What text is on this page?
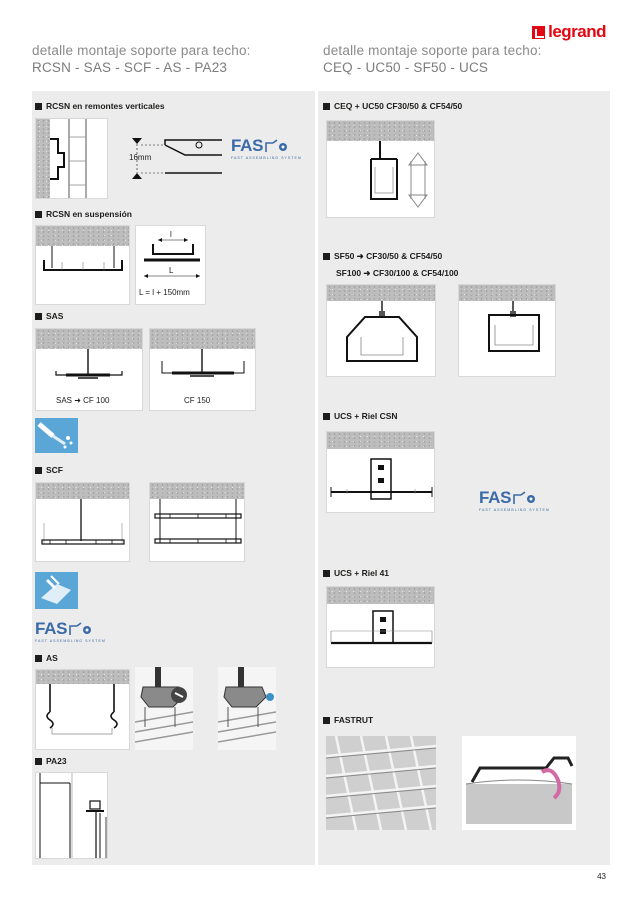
legrand
detalle montaje soporte para techo:
RCSN - SAS - SCF - AS - PA23
detalle montaje soporte para techo:
CEQ - UC50 - SF50 - UCS
RCSN en remontes verticales
16mm
FAS
FAST ASSEMBLING SYSTEM
RCSN en suspensión
l
L
L = l + 150mm
SAS
SAS ➜ CF 100	CF 150
SCF
FAS
FAST ASSEMBLING SYSTEM
AS
PA23
CEQ + UC50 CF30/50 & CF54/50
SF50 ➜ CF30/50 & CF54/50
SF100 ➜ CF30/100 & CF54/100
UCS + Riel CSN
FAS
FAST ASSEMBLING SYSTEM
UCS + Riel 41
FASTRUT
43
